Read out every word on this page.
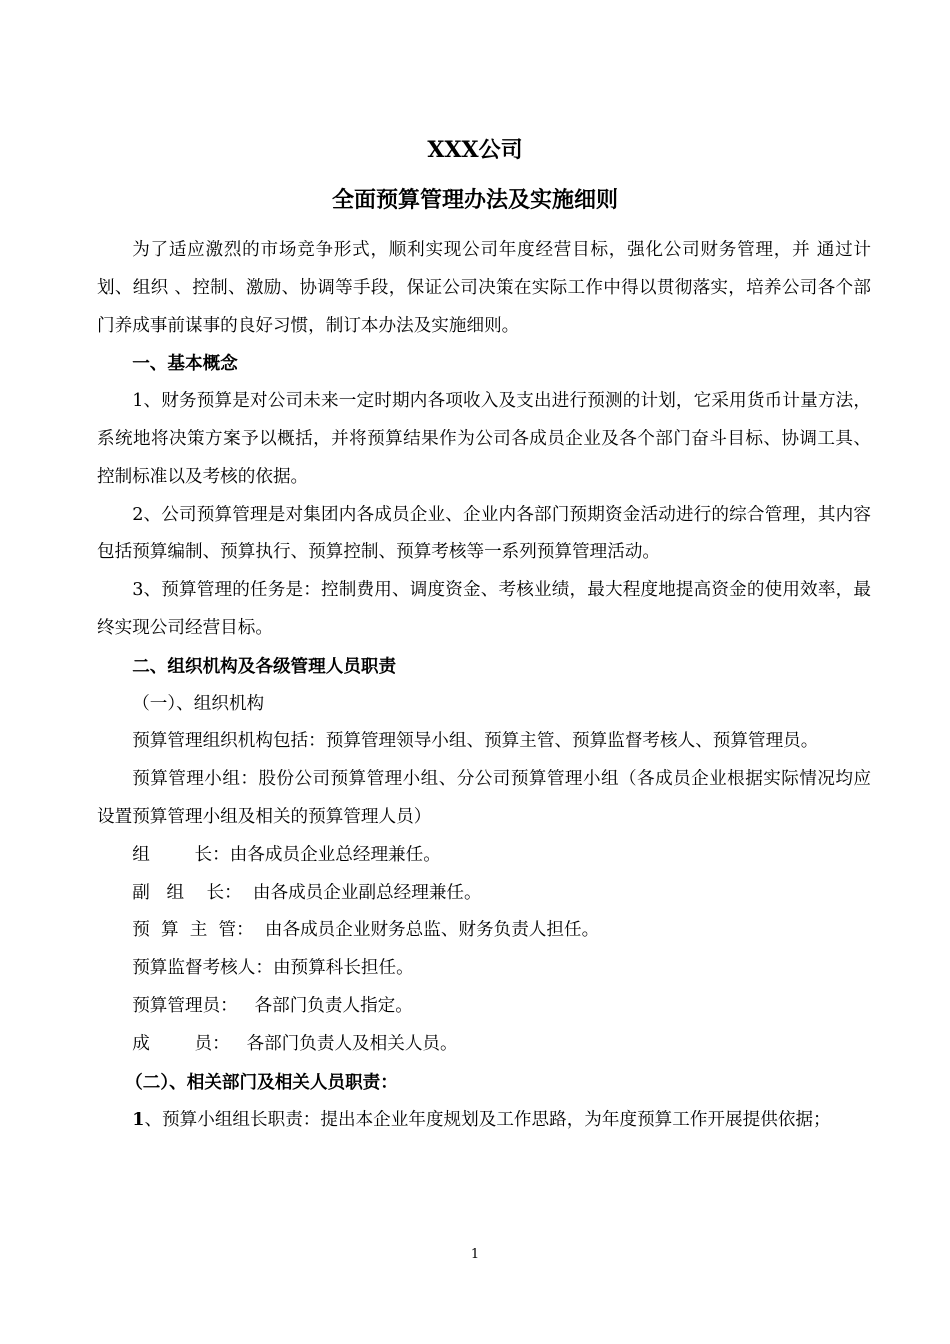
XXX公司
全面预算管理办法及实施细则

为了适应激烈的市场竞争形式，顺利实现公司年度经营目标，强化公司财务管理，并 通过计划、组织 、控制、激励、协调等手段，保证公司决策在实际工作中得以贯彻落实，培养公司各个部门养成事前谋事的良好习惯，制订本办法及实施细则。

一、基本概念

1、财务预算是对公司未来一定时期内各项收入及支出进行预测的计划，它采用货币计量方法，系统地将决策方案予以概括，并将预算结果作为公司各成员企业及各个部门奋斗目标、协调工具、控制标准以及考核的依据。

2、公司预算管理是对集团内各成员企业、企业内各部门预期资金活动进行的综合管理，其内容包括预算编制、预算执行、预算控制、预算考核等一系列预算管理活动。

3、预算管理的任务是：控制费用、调度资金、考核业绩，最大程度地提高资金的使用效率，最终实现公司经营目标。

二、组织机构及各级管理人员职责

（一）、组织机构

预算管理组织机构包括：预算管理领导小组、预算主管、预算监督考核人、预算管理员。

预算管理小组：股份公司预算管理小组、分公司预算管理小组（各成员企业根据实际情况均应设置预算管理小组及相关的预算管理人员）

组        长：由各成员企业总经理兼任。

副   组    长：  由各成员企业副总经理兼任。

预  算  主  管：  由各成员企业财务总监、财务负责人担任。

预算监督考核人：由预算科长担任。

预算管理员：   各部门负责人指定。

成        员：   各部门负责人及相关人员。

（二）、相关部门及相关人员职责：

1、预算小组组长职责：提出本企业年度规划及工作思路，为年度预算工作开展提供依据；

1
